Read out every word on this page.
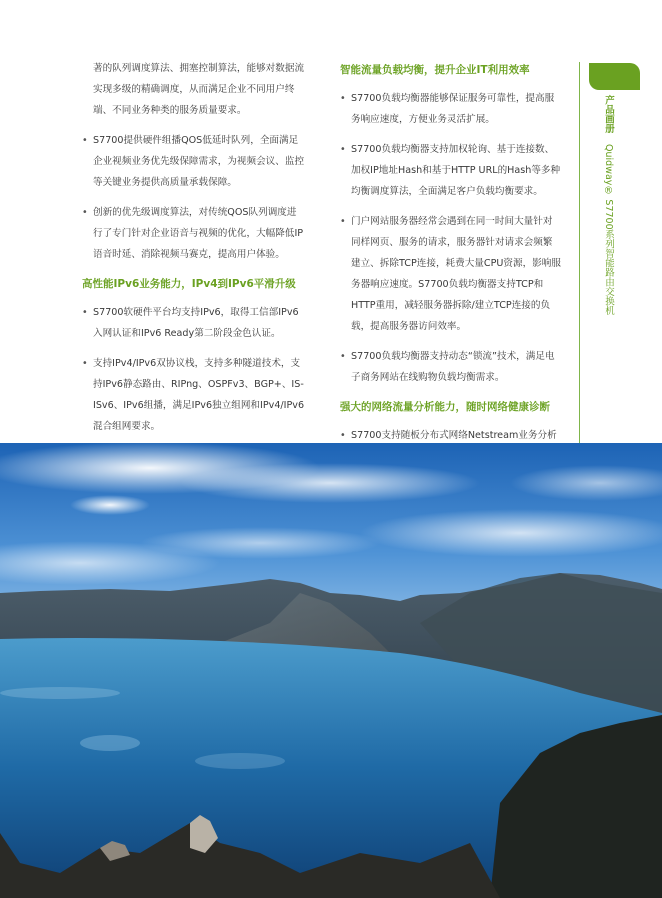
著的队列调度算法、拥塞控制算法，能够对数据流实现多级的精确调度，从而满足企业不同用户终端、不同业务种类的服务质量要求。
• S7700提供硬件组播QOS低延时队列，全面满足企业视频业务优先级保障需求，为视频会议、监控等关键业务提供高质量承载保障。
• 创新的优先级调度算法，对传统QOS队列调度进行了专门针对企业语音与视频的优化，大幅降低IP语音时延、消除视频马赛克，提高用户体验。
高性能IPv6业务能力，IPv4到IPv6平滑升级
• S7700软硬件平台均支持IPv6，取得工信部IPv6入网认证和IPv6 Ready第二阶段金色认证。
• 支持IPv4/IPv6双协议栈，支持多种隧道技术，支持IPv6静态路由、RIPng、OSPFv3、BGP+、IS-ISv6、IPv6组播，满足IPv6独立组网和IPv4/IPv6混合组网要求。
智能流量负载均衡，提升企业IT利用效率
• S7700负载均衡器能够保证服务可靠性，提高服务响应速度，方便业务灵活扩展。
• S7700负载均衡器支持加权轮询、基于连接数、加权IP地址Hash和基于HTTP URL的Hash等多种均衡调度算法，全面满足客户负载均衡要求。
• 门户网站服务器经常会遇到在同一时间大量针对同样网页、服务的请求，服务器针对请求会频繁建立、拆除TCP连接，耗费大量CPU资源，影响服务器响应速度。S7700负载均衡器支持TCP和HTTP重用，减轻服务器拆除/建立TCP连接的负载，提高服务器访问效率。
• S7700负载均衡器支持动态“锁流”技术，满足电子商务网站在线购物负载均衡需求。
强大的网络流量分析能力，随时网络健康诊断
• S7700支持随板分布式网络Netstream业务分析
产品画册 Quidway® S7700系列智能路由交换机
